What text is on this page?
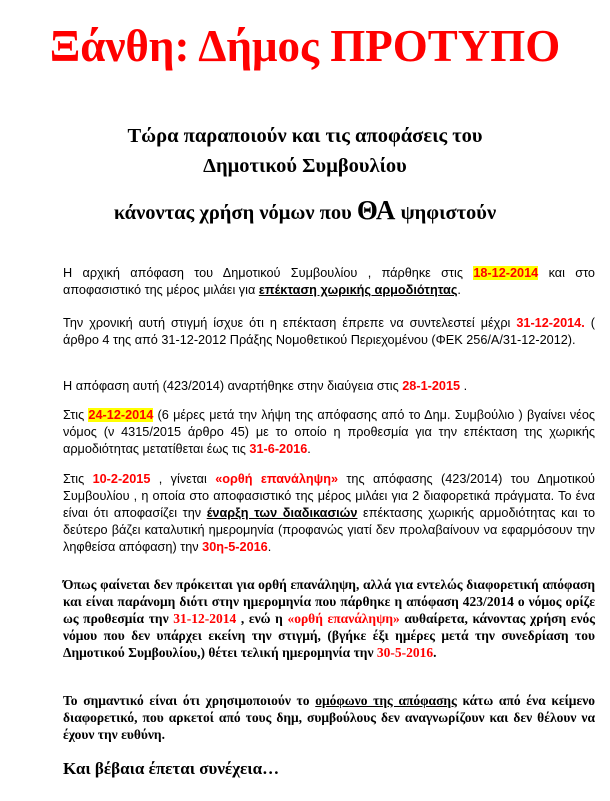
Ξάνθη: Δήμος ΠΡΟΤΥΠΟ
Τώρα παραποιούν και τις αποφάσεις του
Δημοτικού Συμβουλίου
κάνοντας χρήση νόμων που ΘΑ ψηφιστούν
Η αρχική απόφαση του Δημοτικού Συμβουλίου , πάρθηκε στις 18-12-2014 και στο αποφασιστικό της μέρος μιλάει για επέκταση χωρικής αρμοδιότητας.
Την χρονική αυτή στιγμή ίσχυε ότι η επέκταση έπρεπε να συντελεστεί μέχρι 31-12-2014. ( άρθρο 4 της από 31-12-2012 Πράξης Νομοθετικού Περιεχομένου (ΦΕΚ 256/Α/31-12-2012).
Η απόφαση αυτή (423/2014) αναρτήθηκε στην διαύγεια στις 28-1-2015 .
Στις 24-12-2014 (6 μέρες μετά την λήψη της απόφασης από το Δημ. Συμβούλιο ) βγαίνει νέος νόμος (ν 4315/2015 άρθρο 45) με το οποίο η προθεσμία για την επέκταση της χωρικής αρμοδιότητας μετατίθεται έως τις 31-6-2016.
Στις 10-2-2015 , γίνεται «ορθή επανάληψη» της απόφασης (423/2014) του Δημοτικού Συμβουλίου , η οποία στο αποφασιστικό της μέρος μιλάει για 2 διαφορετικά πράγματα. Το ένα είναι ότι αποφασίζει την έναρξη των διαδικασιών επέκτασης χωρικής αρμοδιότητας και το δεύτερο βάζει καταλυτική ημερομηνία (προφανώς γιατί δεν προλαβαίνουν να εφαρμόσουν την ληφθείσα απόφαση) την 30η-5-2016.
Όπως φαίνεται δεν πρόκειται για ορθή επανάληψη, αλλά για εντελώς διαφορετική απόφαση και είναι παράνομη διότι στην ημερομηνία που πάρθηκε η απόφαση 423/2014 ο νόμος ορίζε ως προθεσμία την 31-12-2014 , ενώ η «ορθή επανάληψη» αυθαίρετα, κάνοντας χρήση ενός νόμου που δεν υπάρχει εκείνη την στιγμή, (βγήκε έξι ημέρες μετά την συνεδρίαση του Δημοτικού Συμβουλίου,) θέτει τελική ημερομηνία την 30-5-2016.
Το σημαντικό είναι ότι χρησιμοποιούν το ομόφωνο της απόφασης κάτω από ένα κείμενο διαφορετικό, που αρκετοί από τους δημ, συμβούλους δεν αναγνωρίζουν και δεν θέλουν να έχουν την ευθύνη.
Και βέβαια έπεται συνέχεια…
